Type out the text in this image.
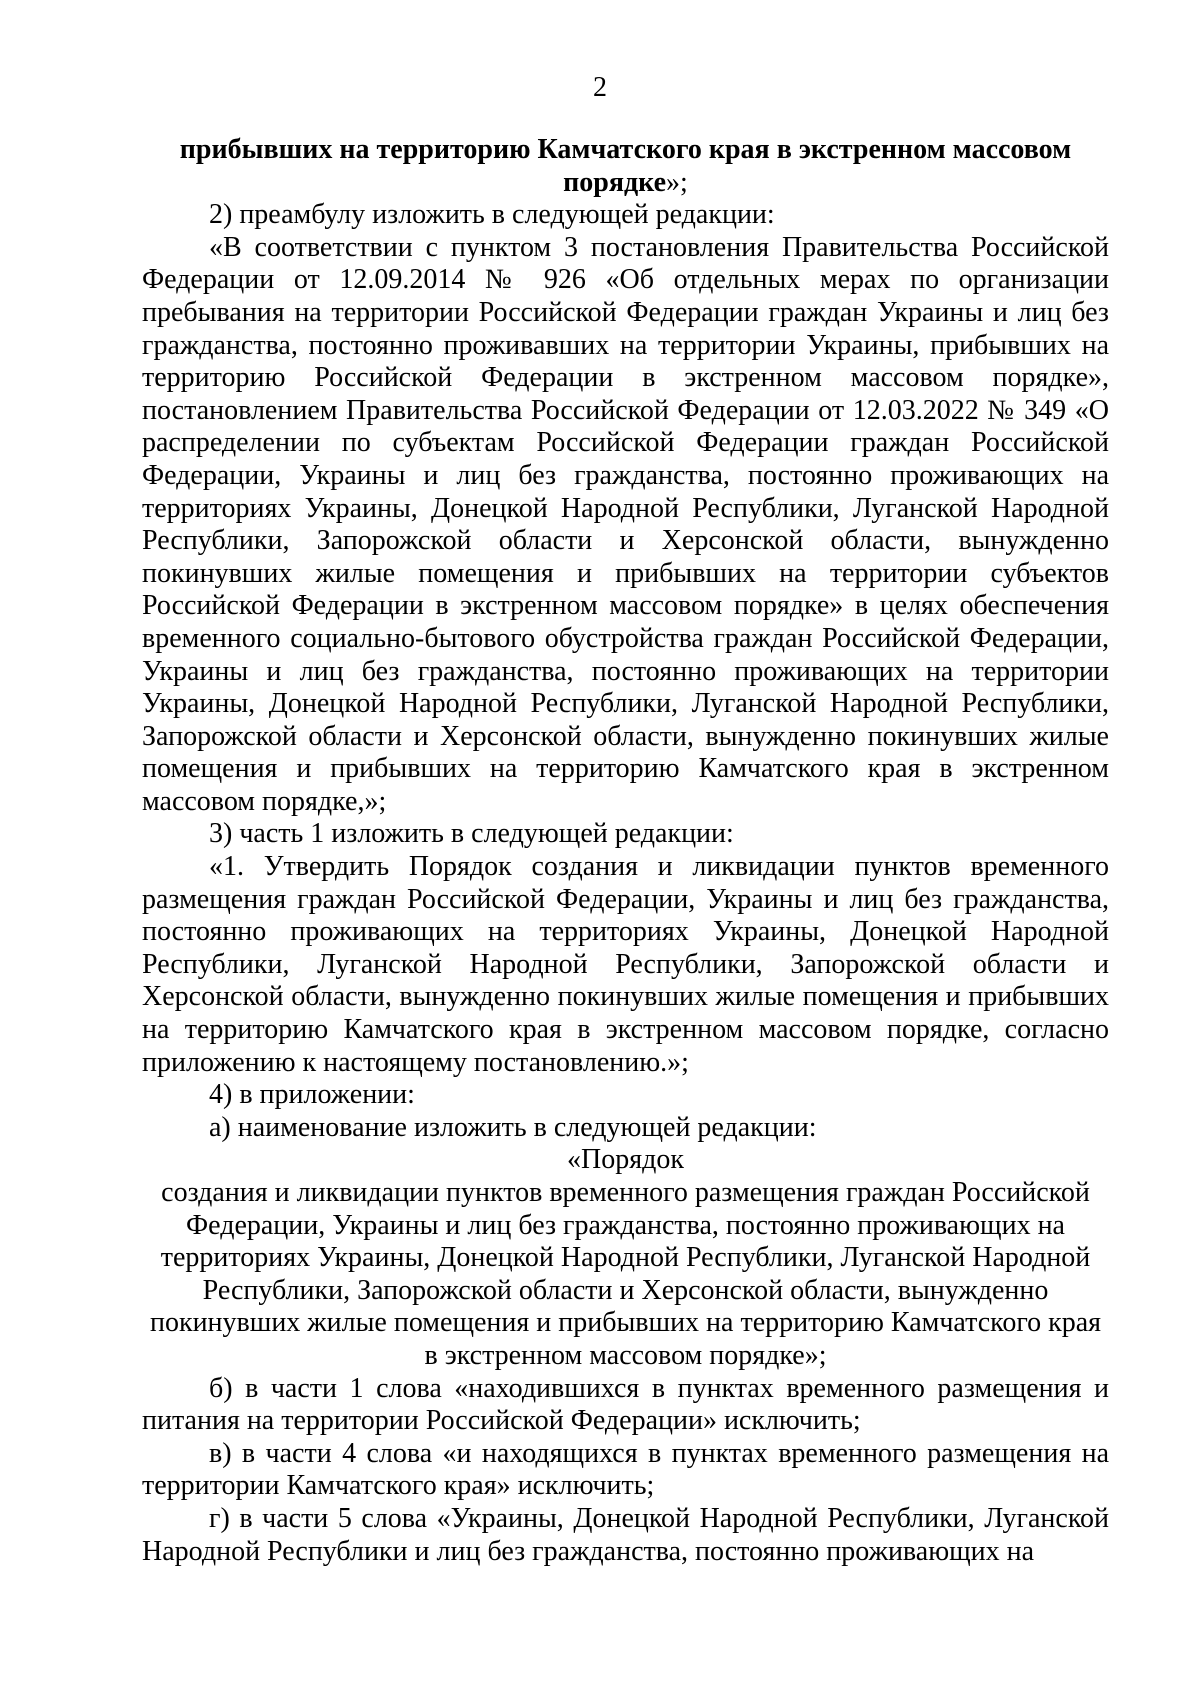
2

прибывших на территорию Камчатского края в экстренном массовом порядке»;

2) преамбулу изложить в следующей редакции:

«В соответствии с пунктом 3 постановления Правительства Российской Федерации от 12.09.2014 № 926 «Об отдельных мерах по организации пребывания на территории Российской Федерации граждан Украины и лиц без гражданства, постоянно проживавших на территории Украины, прибывших на территорию Российской Федерации в экстренном массовом порядке», постановлением Правительства Российской Федерации от 12.03.2022 № 349 «О распределении по субъектам Российской Федерации граждан Российской Федерации, Украины и лиц без гражданства, постоянно проживающих на территориях Украины, Донецкой Народной Республики, Луганской Народной Республики, Запорожской области и Херсонской области, вынужденно покинувших жилые помещения и прибывших на территории субъектов Российской Федерации в экстренном массовом порядке» в целях обеспечения временного социально-бытового обустройства граждан Российской Федерации, Украины и лиц без гражданства, постоянно проживающих на территории Украины, Донецкой Народной Республики, Луганской Народной Республики, Запорожской области и Херсонской области, вынужденно покинувших жилые помещения и прибывших на территорию Камчатского края в экстренном массовом порядке,»;

3) часть 1 изложить в следующей редакции:

«1. Утвердить Порядок создания и ликвидации пунктов временного размещения граждан Российской Федерации, Украины и лиц без гражданства, постоянно проживающих на территориях Украины, Донецкой Народной Республики, Луганской Народной Республики, Запорожской области и Херсонской области, вынужденно покинувших жилые помещения и прибывших на территорию Камчатского края в экстренном массовом порядке, согласно приложению к настоящему постановлению.»;

4) в приложении:

а) наименование изложить в следующей редакции:

«Порядок

создания и ликвидации пунктов временного размещения граждан Российской

Федерации, Украины и лиц без гражданства, постоянно проживающих на

территориях Украины, Донецкой Народной Республики, Луганской Народной

Республики, Запорожской области и Херсонской области, вынужденно

покинувших жилые помещения и прибывших на территорию Камчатского края

в экстренном массовом порядке»;

б) в части 1 слова «находившихся в пунктах временного размещения и питания на территории Российской Федерации» исключить;

в) в части 4 слова «и находящихся в пунктах временного размещения на территории Камчатского края» исключить;

г) в части 5 слова «Украины, Донецкой Народной Республики, Луганской Народной Республики и лиц без гражданства, постоянно проживающих на
